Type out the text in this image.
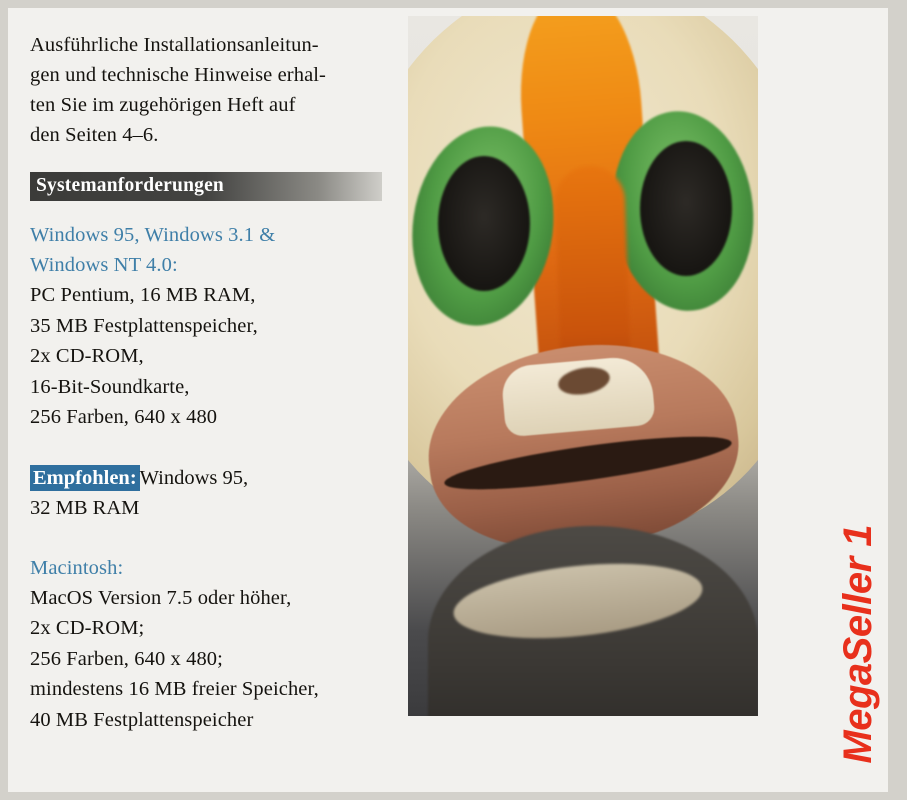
Ausführliche Installationsanleitun-
gen und technische Hinweise erhal-
ten Sie im zugehörigen Heft auf
den Seiten 4–6.

Systemanforderungen

Windows 95, Windows 3.1 &
Windows NT 4.0:

PC Pentium, 16 MB RAM,
35 MB Festplattenspeicher,
2x CD-ROM,
16-Bit-Soundkarte,
256 Farben, 640 x 480

Empfohlen: Windows 95,
32 MB RAM

Macintosh:

MacOS Version 7.5 oder höher,
2x CD-ROM;
256 Farben, 640 x 480;
mindestens 16 MB freier Speicher,
40 MB Festplattenspeicher	MegaSeller 1
